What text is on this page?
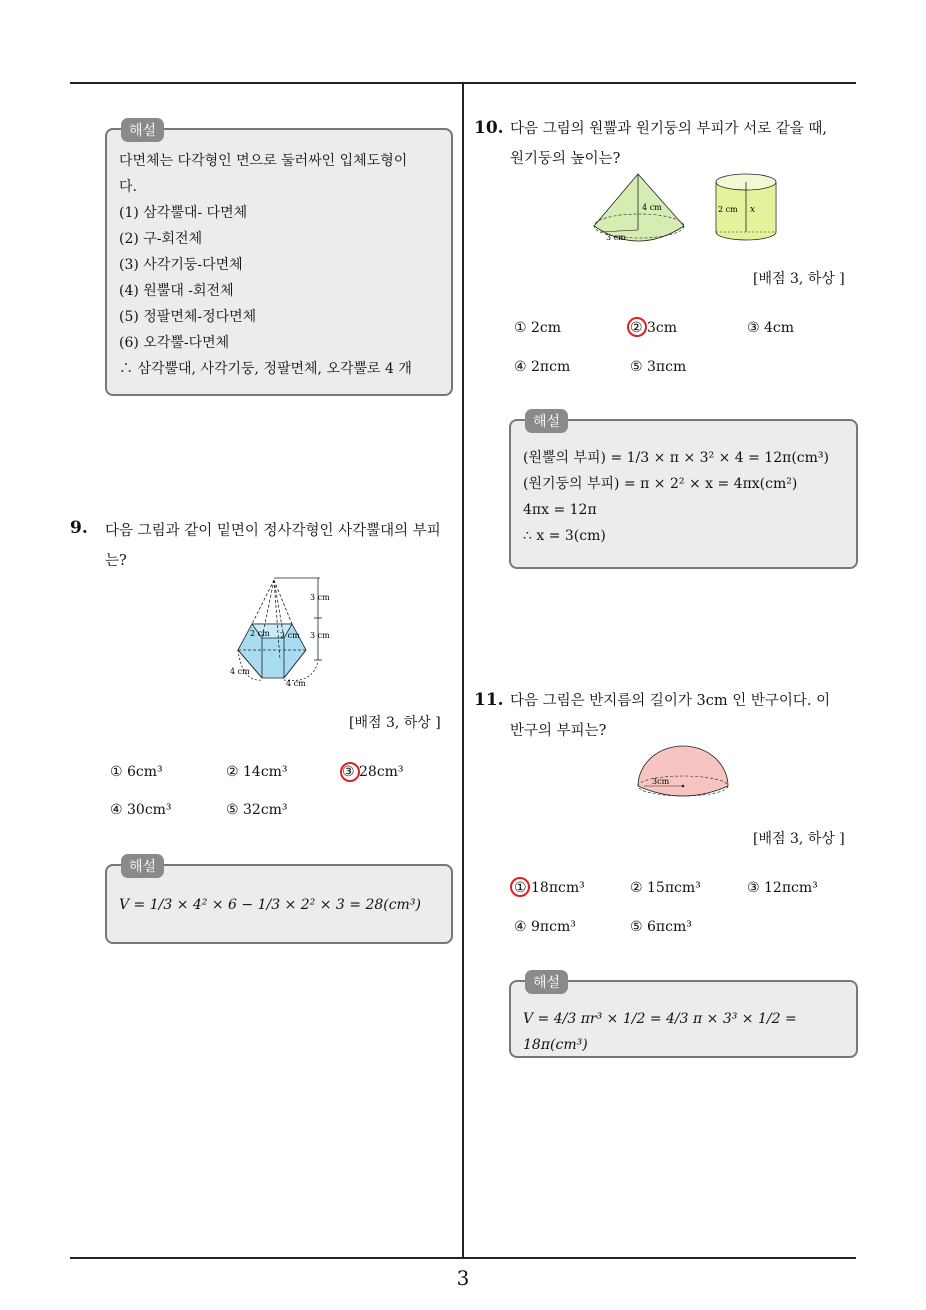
해설
다면체는 다각형인 면으로 둘러싸인 입체도형이
다.
(1) 삼각뿔대- 다면체
(2) 구-회전체
(3) 사각기둥-다면체
(4) 원뿔대 -회전체
(5) 정팔면체-정다면체
(6) 오각뿔-다면체
∴ 삼각뿔대, 사각기둥, 정팔면체, 오각뿔로 4 개
9. 다음 그림과 같이 밑면이 정사각형인 사각뿔대의 부피
는?
3 cm
3 cm
2 cm 2 cm
4 cm
4 cm
[배점 3, 하상 ]
① 6cm³	② 14cm³	③ 28cm³
④ 30cm³	⑤ 32cm³
해설
V = 1/3 × 4² × 6 − 1/3 × 2² × 3 = 28(cm³)
10. 다음 그림의 원뿔과 원기둥의 부피가 서로 같을 때,
원기둥의 높이는?
4 cm
3 cm
2 cm x
[배점 3, 하상 ]
① 2cm	② 3cm	③ 4cm
④ 2πcm	⑤ 3πcm
해설
(원뿔의 부피) = 1/3 × π × 3² × 4 = 12π(cm³)
(원기둥의 부피) = π × 2² × x = 4πx(cm²)
4πx = 12π
∴ x = 3(cm)
11. 다음 그림은 반지름의 길이가 3cm 인 반구이다. 이
반구의 부피는?
3cm
[배점 3, 하상 ]
① 18πcm³	② 15πcm³	③ 12πcm³
④ 9πcm³	⑤ 6πcm³
해설
V = 4/3 πr³ × 1/2 = 4/3 π × 3³ × 1/2 = 18π(cm³)
3
